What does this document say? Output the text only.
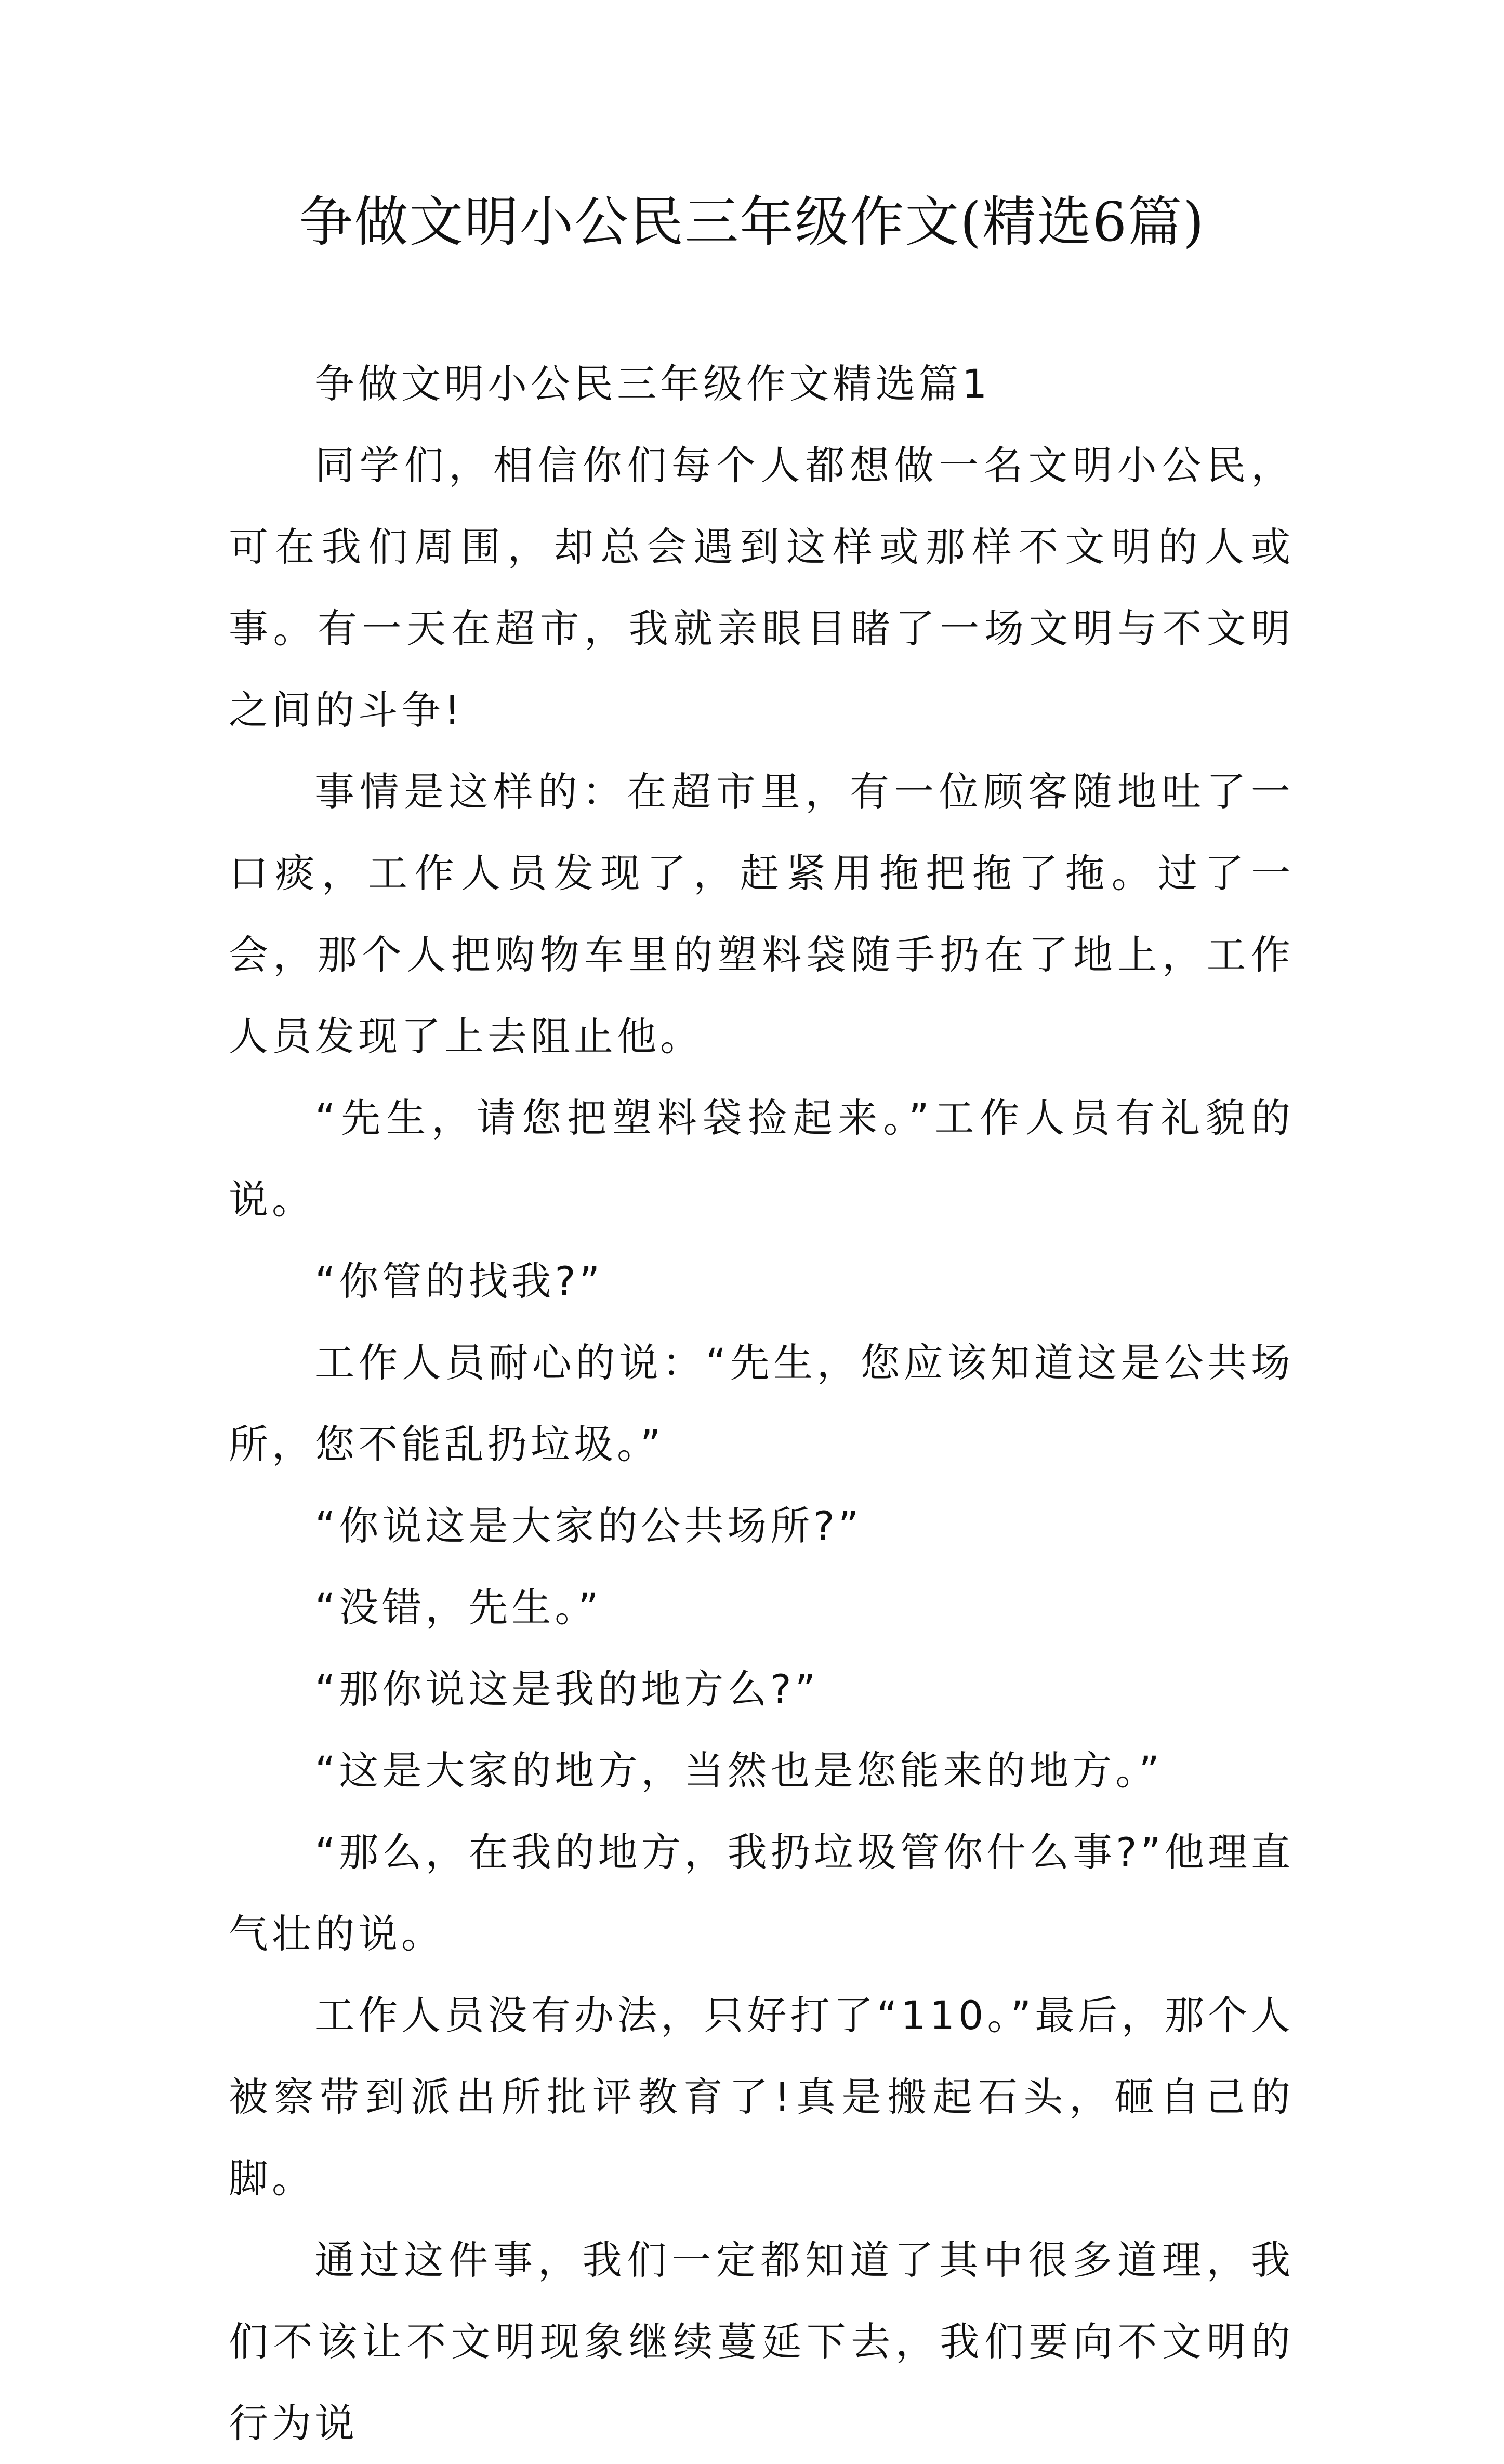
争做文明小公民三年级作文(精选6篇)

争做文明小公民三年级作文精选篇1

同学们，相信你们每个人都想做一名文明小公民，可在我们周围，却总会遇到这样或那样不文明的人或事。有一天在超市，我就亲眼目睹了一场文明与不文明之间的斗争!

事情是这样的：在超市里，有一位顾客随地吐了一口痰，工作人员发现了，赶紧用拖把拖了拖。过了一会，那个人把购物车里的塑料袋随手扔在了地上，工作人员发现了上去阻止他。

“先生，请您把塑料袋捡起来。”工作人员有礼貌的说。

“你管的找我?”

工作人员耐心的说：“先生，您应该知道这是公共场所，您不能乱扔垃圾。”

“你说这是大家的公共场所?”

“没错，先生。”

“那你说这是我的地方么?”

“这是大家的地方，当然也是您能来的地方。”

“那么，在我的地方，我扔垃圾管你什么事?”他理直气壮的说。

工作人员没有办法，只好打了“110。”最后，那个人被察带到派出所批评教育了!真是搬起石头，砸自己的脚。

通过这件事，我们一定都知道了其中很多道理，我们不该让不文明现象继续蔓延下去，我们要向不文明的行为说
